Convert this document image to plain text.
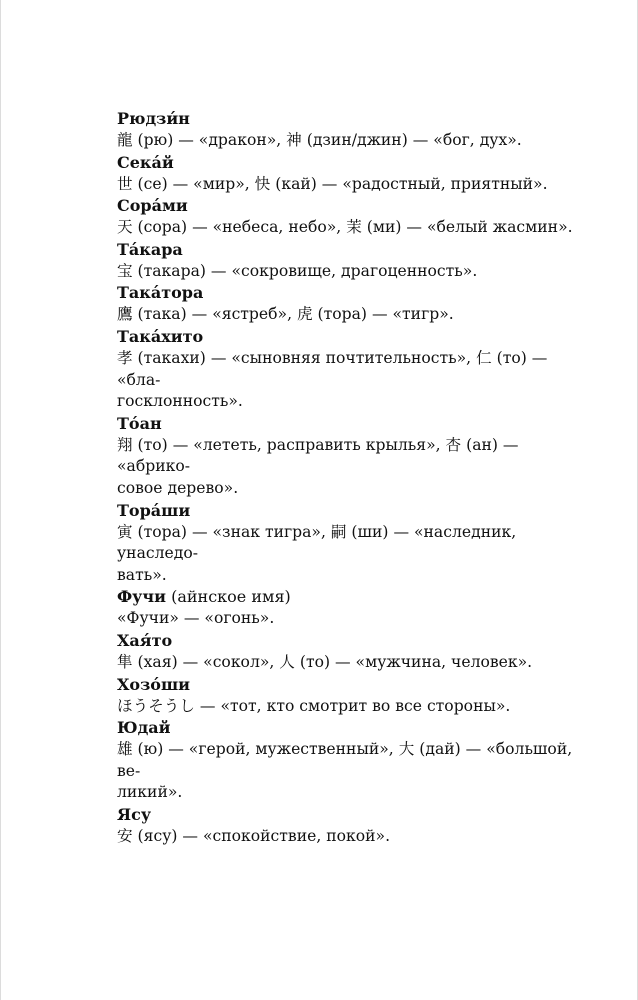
Рюдзи́н
龍 (рю) — «дракон», 神 (дзин/джин) — «бог, дух».
Сека́й
世 (се) — «мир», 快 (кай) — «радостный, приятный».
Сора́ми
天 (сора) — «небеса, небо», 茉 (ми) — «белый жасмин».
Та́кара
宝 (такара) — «сокровище, драгоценность».
Така́тора
鷹 (така) — «ястреб», 虎 (тора) — «тигр».
Така́хито
孝 (такахи) — «сыновняя почтительность», 仁 (то) — «бла-
госклонность».
То́ан
翔 (то) — «лететь, расправить крылья», 杏 (ан) — «абрико-
совое дерево».
Тора́ши
寅 (тора) — «знак тигра», 嗣 (ши) — «наследник, унаследо-
вать».
Фучи (айнское имя)
«Фучи» — «огонь».
Хая́то
隼 (хая) — «сокол», 人 (то) — «мужчина, человек».
Хозо́ши
ほうそうし — «тот, кто смотрит во все стороны».
Юдай
雄 (ю) — «герой, мужественный», 大 (дай) — «большой, ве-
ликий».
Ясу
安 (ясу) — «спокойствие, покой».
